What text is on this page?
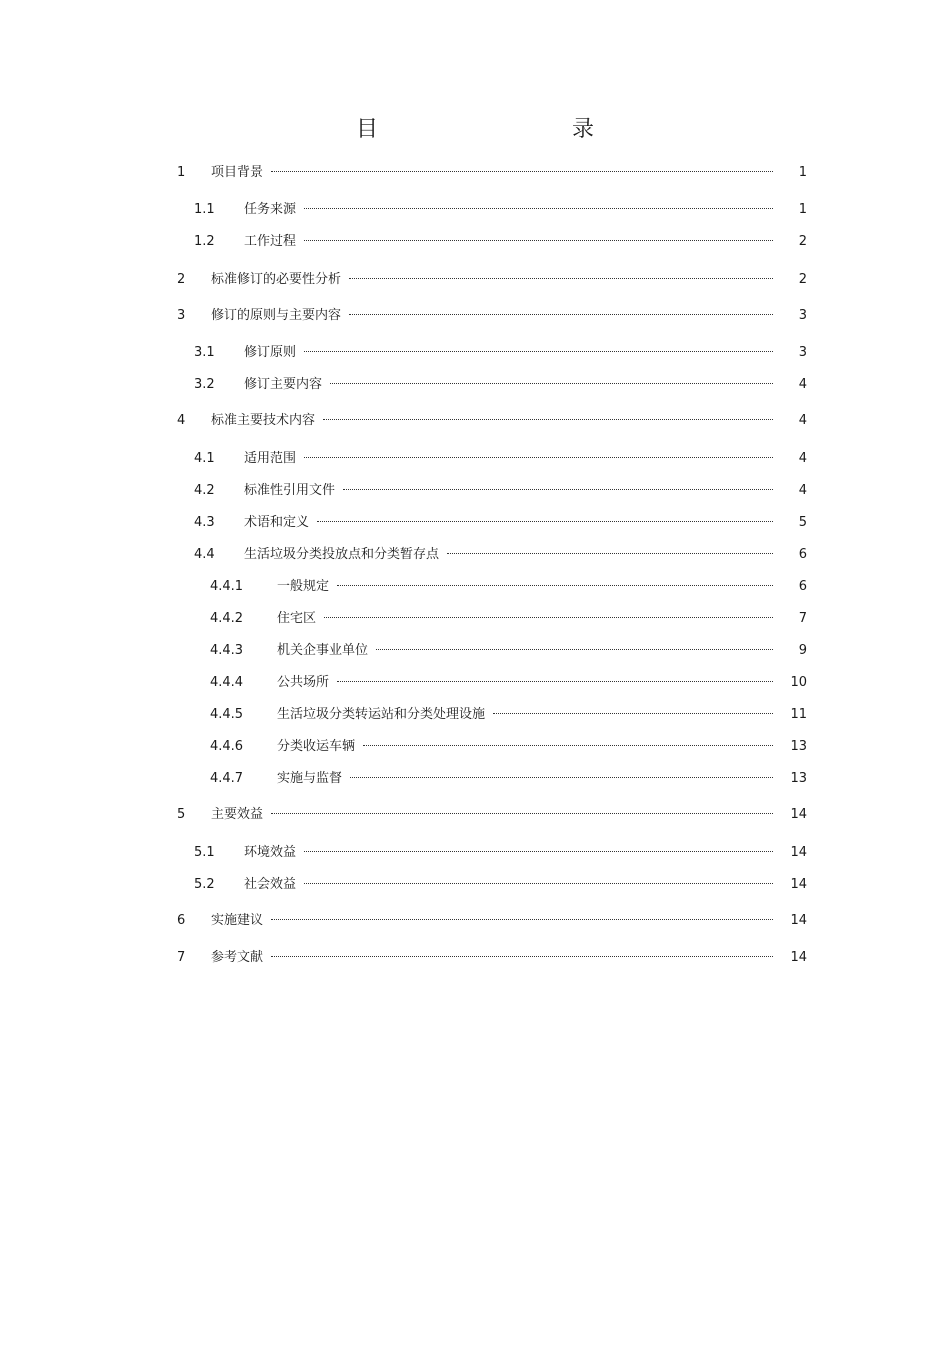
目　　录
1	项目背景	1
1.1	任务来源	1
1.2	工作过程	2
2	标准修订的必要性分析	2
3	修订的原则与主要内容	3
3.1	修订原则	3
3.2	修订主要内容	4
4	标准主要技术内容	4
4.1	适用范围	4
4.2	标准性引用文件	4
4.3	术语和定义	5
4.4	生活垃圾分类投放点和分类暂存点	6
4.4.1	一般规定	6
4.4.2	住宅区	7
4.4.3	机关企事业单位	9
4.4.4	公共场所	10
4.4.5	生活垃圾分类转运站和分类处理设施	11
4.4.6	分类收运车辆	13
4.4.7	实施与监督	13
5	主要效益	14
5.1	环境效益	14
5.2	社会效益	14
6	实施建议	14
7	参考文献	14
